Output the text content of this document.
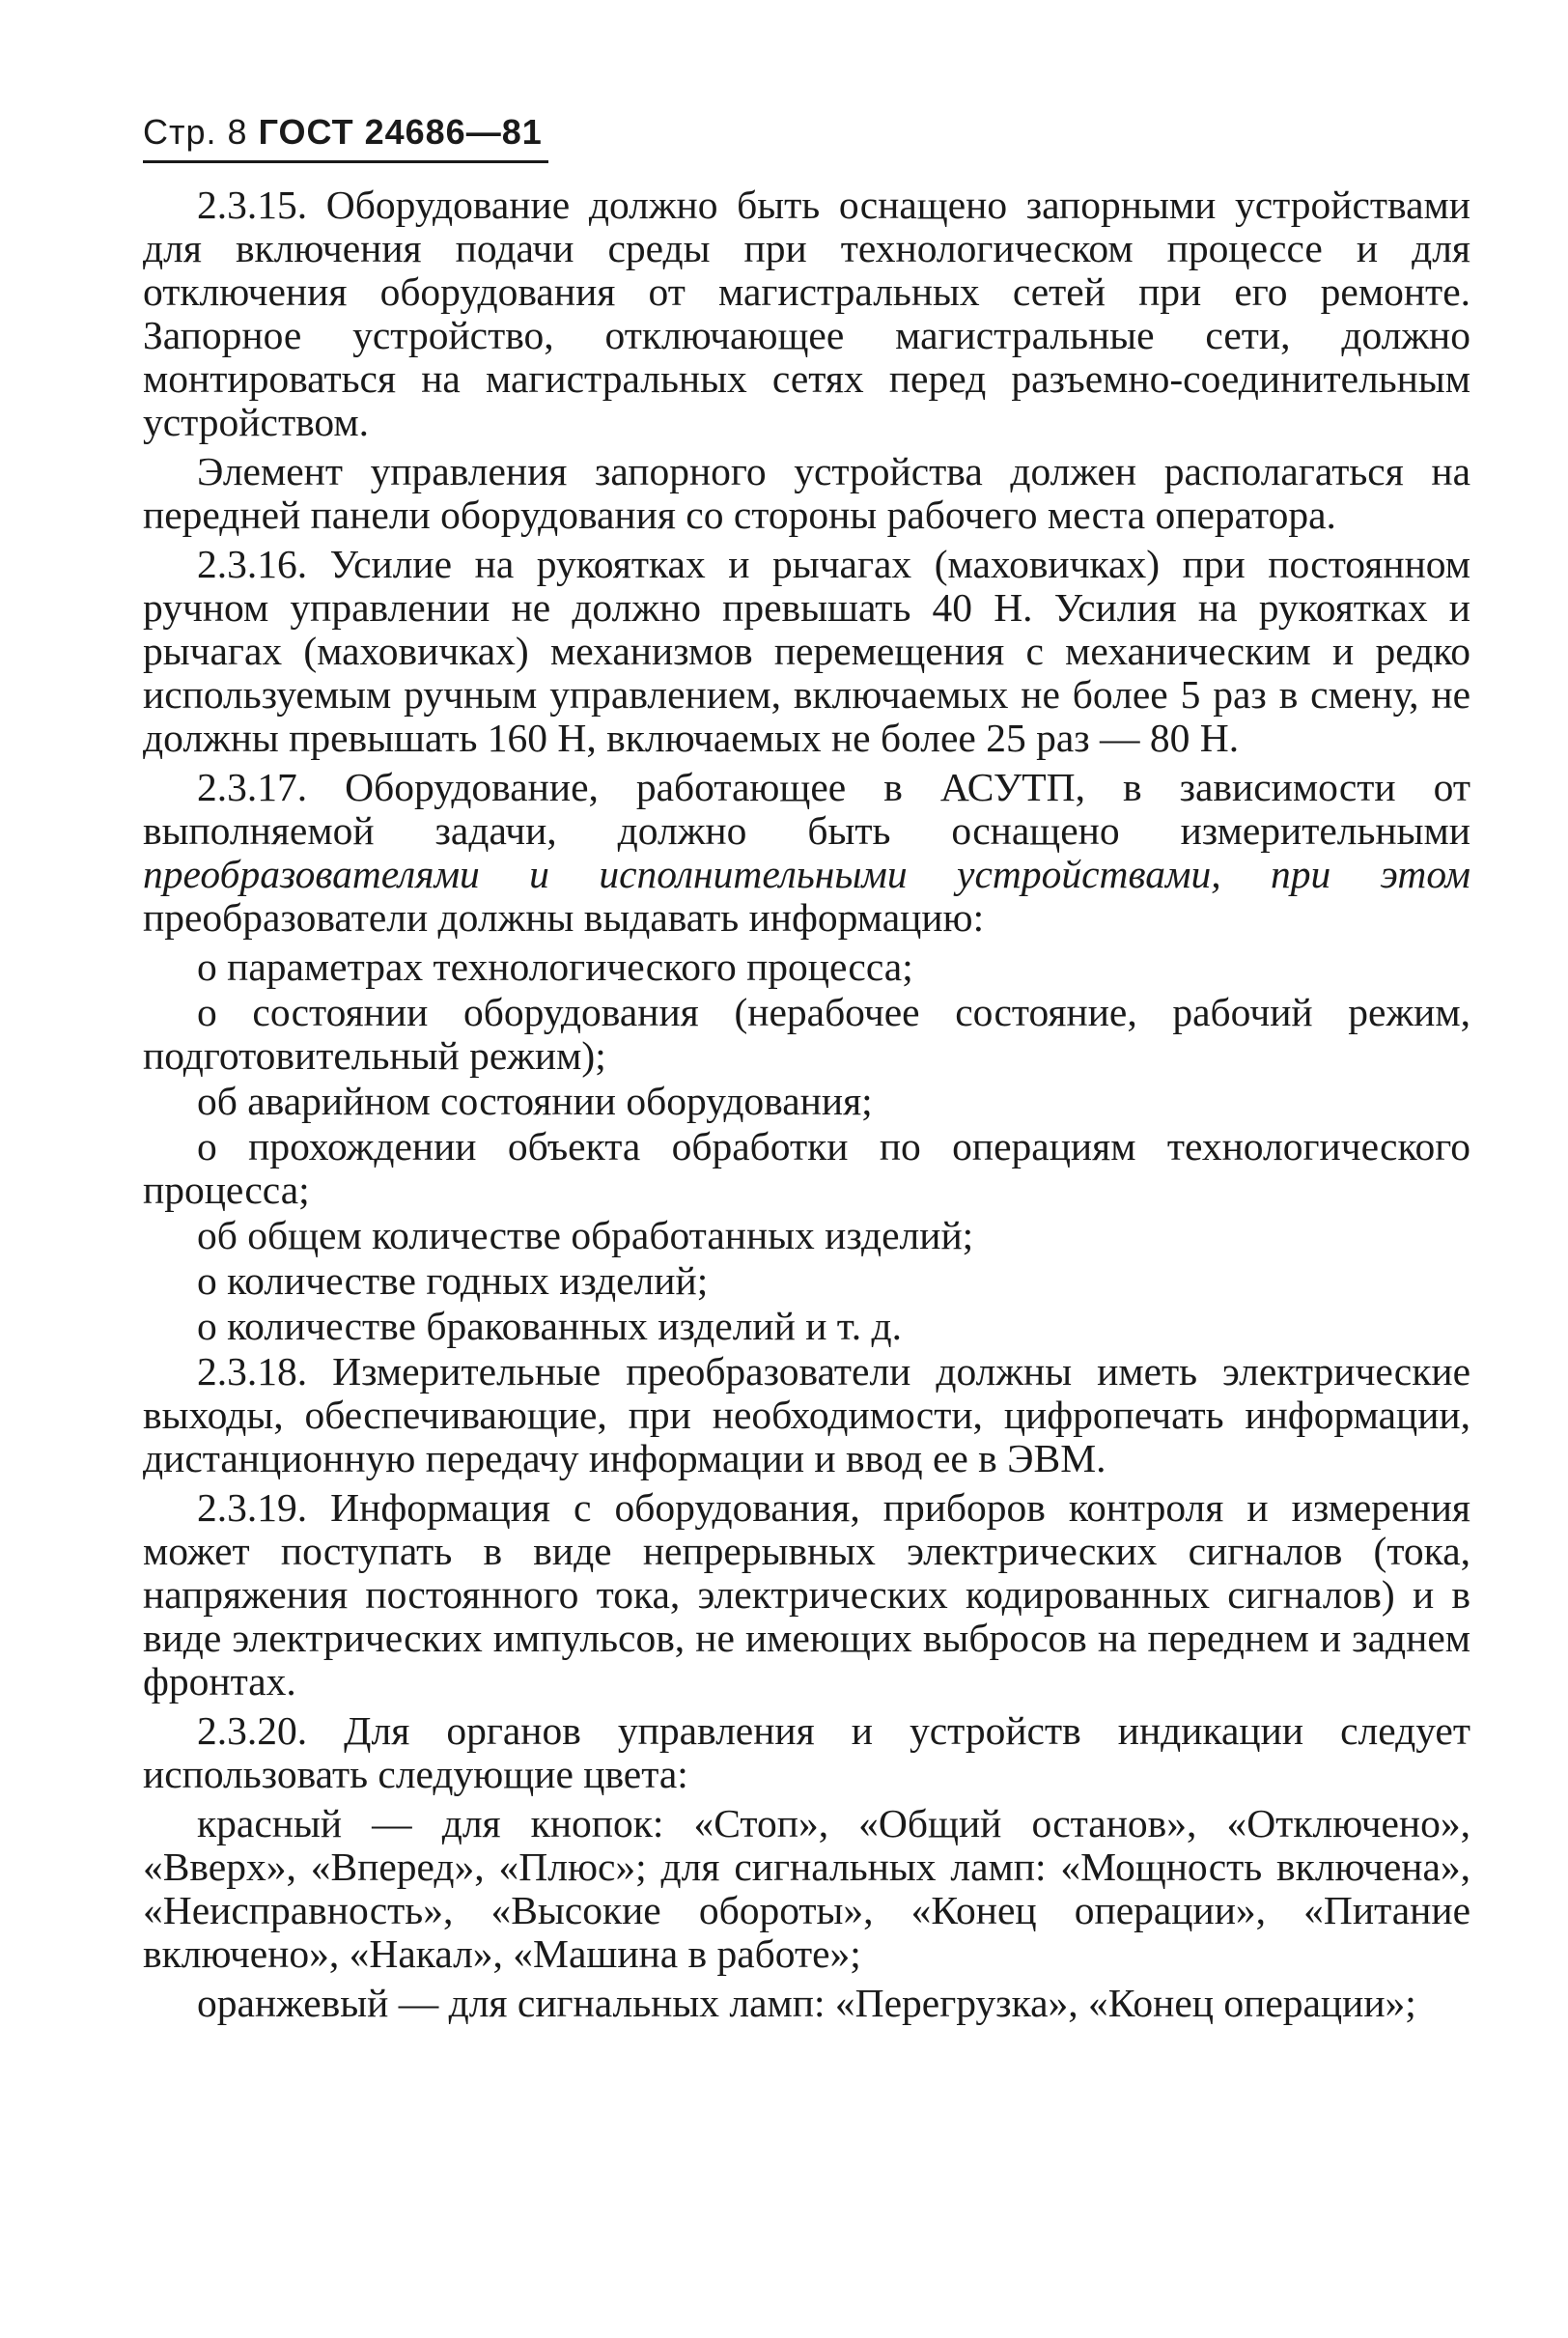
Стр. 8 ГОСТ 24686—81

2.3.15. Оборудование должно быть оснащено запорными устройствами для включения подачи среды при технологическом процессе и для отключения оборудования от магистральных сетей при его ремонте. Запорное устройство, отключающее магистральные сети, должно монтироваться на магистральных сетях перед разъемно-соединительным устройством.

Элемент управления запорного устройства должен располагаться на передней панели оборудования со стороны рабочего места оператора.

2.3.16. Усилие на рукоятках и рычагах (маховичках) при постоянном ручном управлении не должно превышать 40 Н. Усилия на рукоятках и рычагах (маховичках) механизмов перемещения с механическим и редко используемым ручным управлением, включаемых не более 5 раз в смену, не должны превышать 160 Н, включаемых не более 25 раз — 80 Н.

2.3.17. Оборудование, работающее в АСУТП, в зависимости от выполняемой задачи, должно быть оснащено измерительными преобразователями и исполнительными устройствами, при этом преобразователи должны выдавать информацию:

о параметрах технологического процесса;

о состоянии оборудования (нерабочее состояние, рабочий режим, подготовительный режим);

об аварийном состоянии оборудования;

о прохождении объекта обработки по операциям технологического процесса;

об общем количестве обработанных изделий;

о количестве годных изделий;

о количестве бракованных изделий и т. д.

2.3.18. Измерительные преобразователи должны иметь электрические выходы, обеспечивающие, при необходимости, цифропечать информации, дистанционную передачу информации и ввод ее в ЭВМ.

2.3.19. Информация с оборудования, приборов контроля и измерения может поступать в виде непрерывных электрических сигналов (тока, напряжения постоянного тока, электрических кодированных сигналов) и в виде электрических импульсов, не имеющих выбросов на переднем и заднем фронтах.

2.3.20. Для органов управления и устройств индикации следует использовать следующие цвета:

красный — для кнопок: «Стоп», «Общий останов», «Отключено», «Вверх», «Вперед», «Плюс»; для сигнальных ламп: «Мощность включена», «Неисправность», «Высокие обороты», «Конец операции», «Питание включено», «Накал», «Машина в работе»;

оранжевый — для сигнальных ламп: «Перегрузка», «Конец операции»;
